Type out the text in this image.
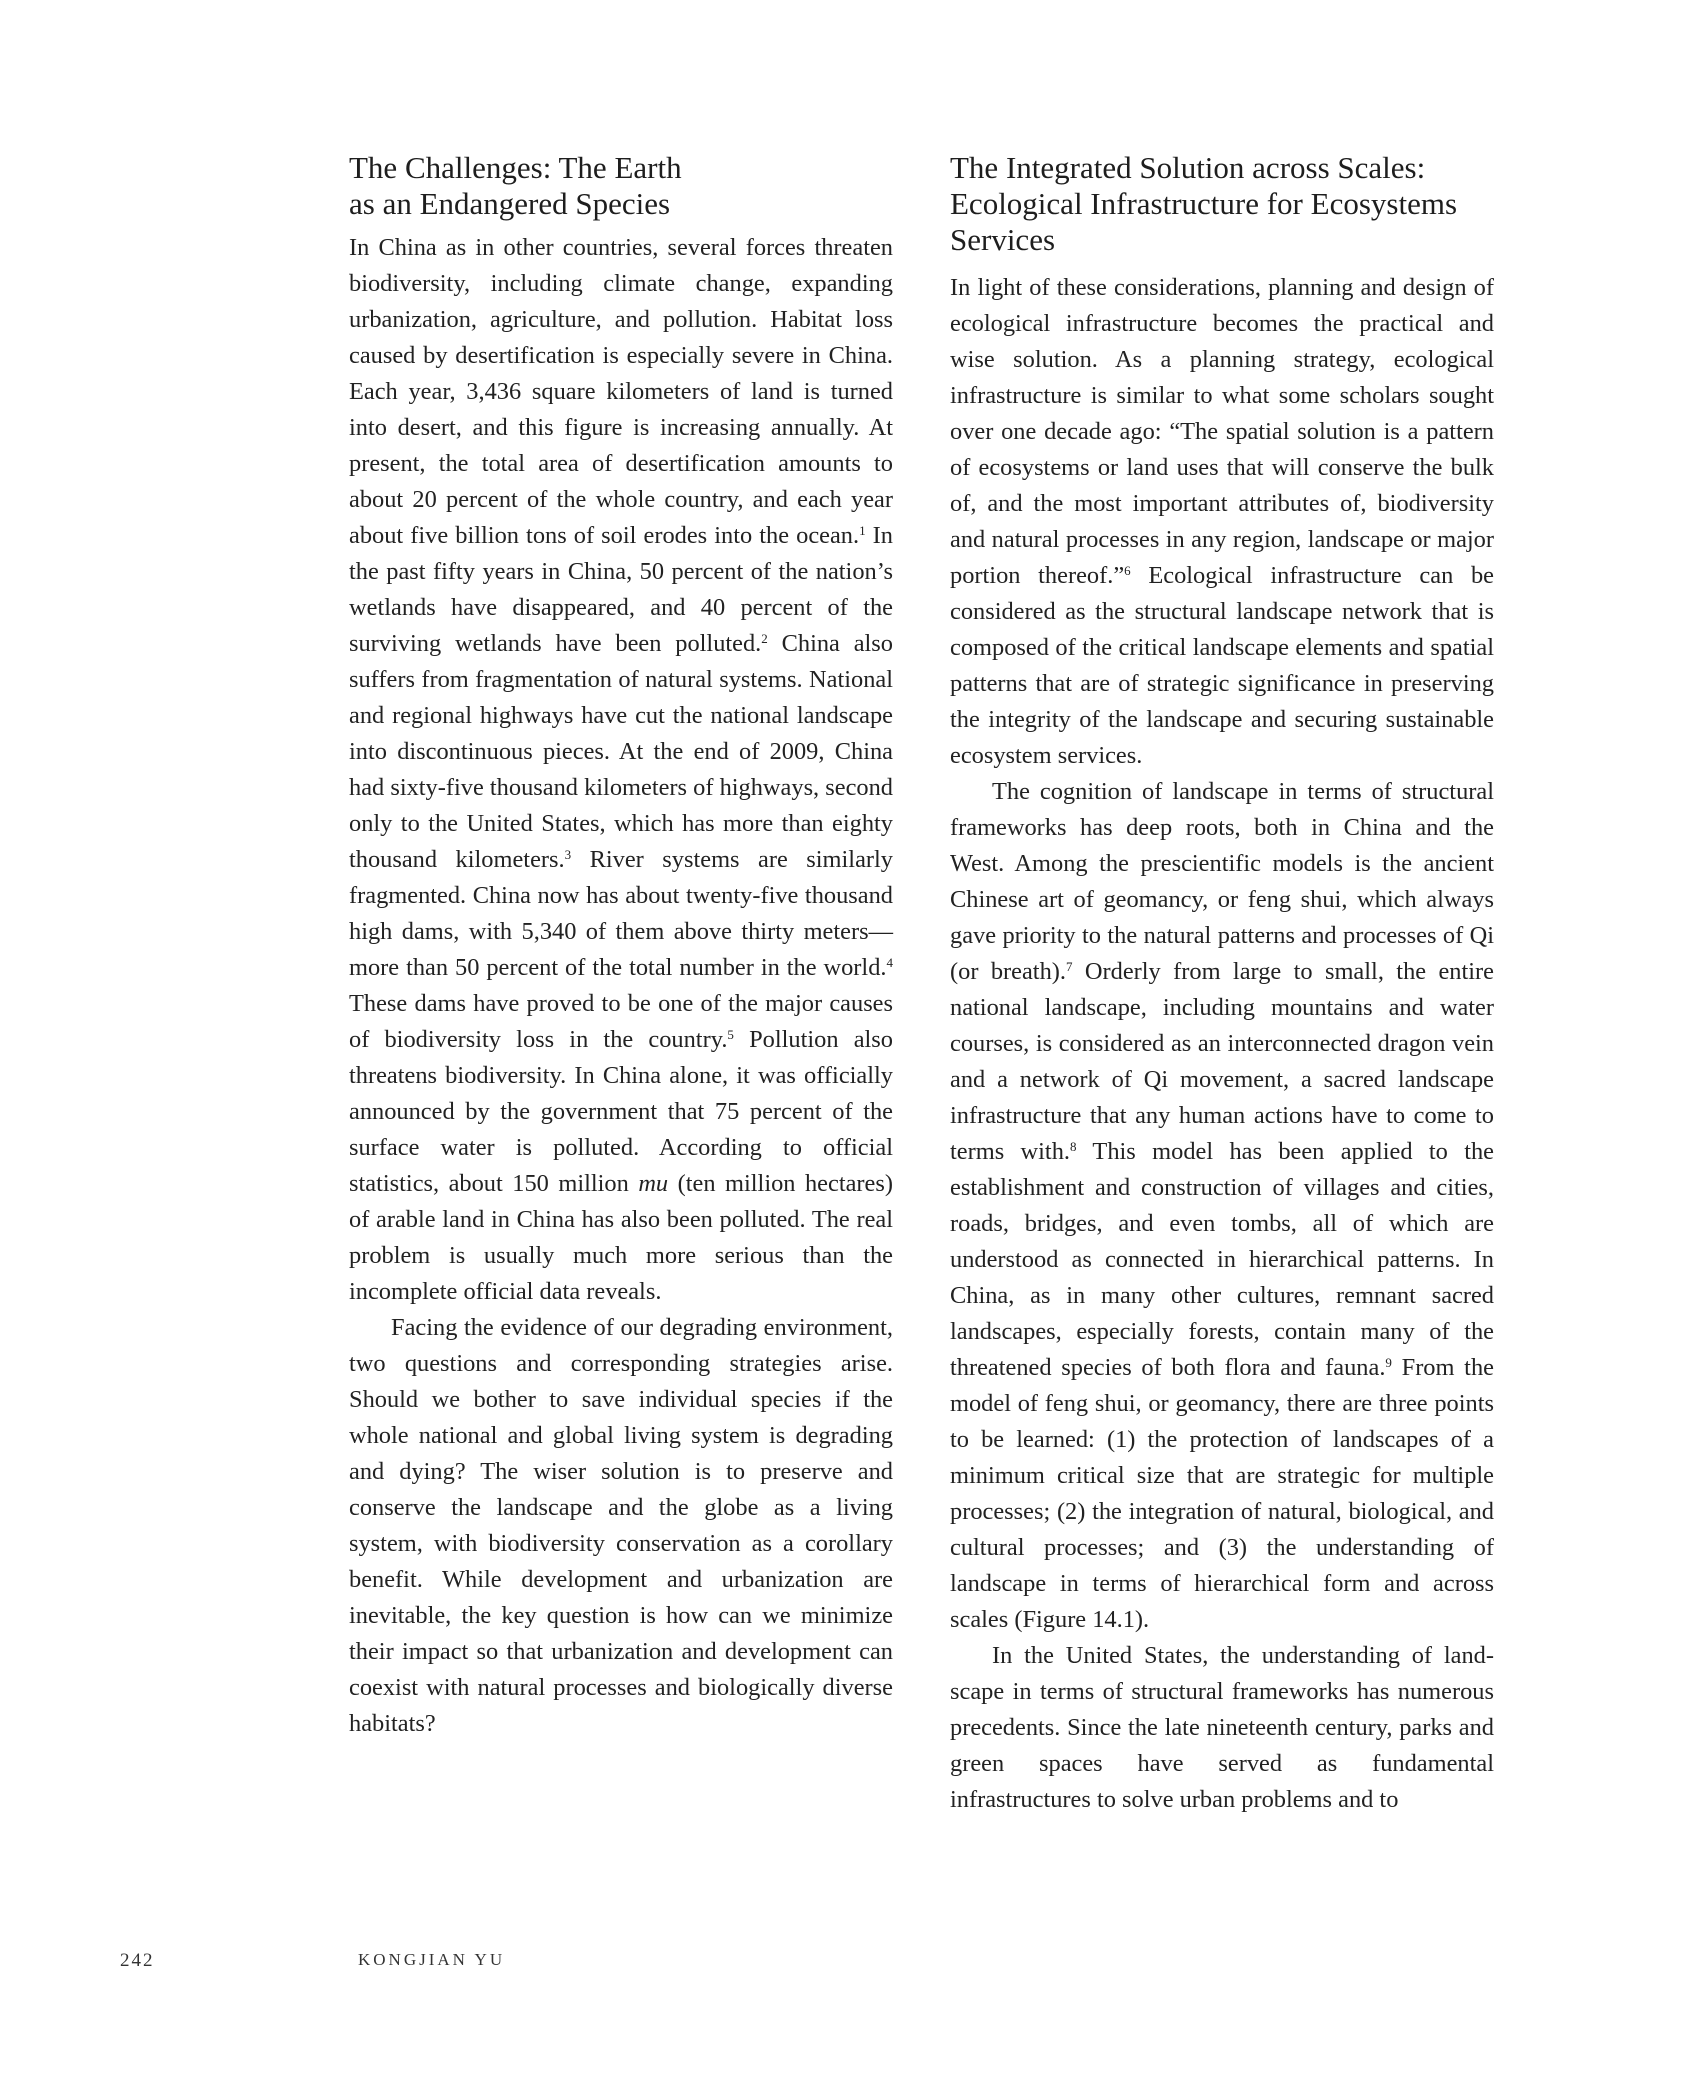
The Challenges: The Earth
as an Endangered Species

In China as in other countries, several forces threaten biodiversity, including climate change, expanding urbanization, agriculture, and pollution. Habitat loss caused by desertification is especially severe in China. Each year, 3,436 square kilometers of land is turned into desert, and this figure is increasing annually. At present, the total area of desertification amounts to about 20 percent of the whole country, and each year about five billion tons of soil erodes into the ocean.$^1$ In the past fifty years in China, 50 percent of the nation’s wetlands have disappeared, and 40 percent of the surviving wetlands have been polluted.$^2$ China also suffers from fragmentation of natural systems. National and regional highways have cut the national landscape into discontinuous pieces. At the end of 2009, China had sixty-five thousand kilometers of highways, second only to the United States, which has more than eighty thousand kilometers.$^3$ River systems are similarly fragmented. China now has about twenty-five thousand high dams, with 5,340 of them above thirty meters—more than 50 percent of the total number in the world.$^4$ These dams have proved to be one of the major causes of biodiversity loss in the country.$^5$ Pollution also threatens biodiversity. In China alone, it was officially announced by the government that 75 percent of the surface water is polluted. According to official statistics, about 150 million mu (ten million hectares) of arable land in China has also been polluted. The real problem is usually much more serious than the incomplete official data reveals.

Facing the evidence of our degrading environment, two questions and corresponding strategies arise. Should we bother to save individual species if the whole national and global living system is degrading and dying? The wiser solution is to preserve and conserve the landscape and the globe as a living system, with biodiversity conservation as a corollary benefit. While development and urbanization are inevitable, the key question is how can we minimize their impact so that urbanization and development can coexist with natural processes and biologically diverse habitats?

The Integrated Solution across Scales:
Ecological Infrastructure for Ecosystems
Services

In light of these considerations, planning and design of ecological infrastructure becomes the practical and wise solution. As a planning strategy, ecological infrastructure is similar to what some scholars sought over one decade ago: “The spatial solution is a pattern of ecosystems or land uses that will conserve the bulk of, and the most important attributes of, biodiversity and natural processes in any region, landscape or major portion thereof.”$^6$ Ecological infrastructure can be considered as the structural landscape network that is composed of the critical landscape elements and spatial patterns that are of strategic significance in preserving the integrity of the landscape and securing sustainable ecosystem services.

The cognition of landscape in terms of structural frameworks has deep roots, both in China and the West. Among the prescientific models is the ancient Chinese art of geomancy, or feng shui, which always gave priority to the natural patterns and processes of Qi (or breath).$^7$ Orderly from large to small, the entire national landscape, including mountains and water courses, is considered as an interconnected dragon vein and a network of Qi movement, a sacred landscape infrastructure that any human actions have to come to terms with.$^8$ This model has been applied to the establishment and construction of villages and cities, roads, bridges, and even tombs, all of which are understood as connected in hierarchical patterns. In China, as in many other cultures, remnant sacred landscapes, especially forests, contain many of the threatened species of both flora and fauna.$^9$ From the model of feng shui, or geomancy, there are three points to be learned: (1) the protection of landscapes of a minimum critical size that are strategic for multiple processes; (2) the integration of natural, biological, and cultural processes; and (3) the understanding of landscape in terms of hierarchical form and across scales (Figure 14.1).

In the United States, the understanding of landscape in terms of structural frameworks has numerous precedents. Since the late nineteenth century, parks and green spaces have served as fundamental infrastructures to solve urban problems and to

242	KONGJIAN YU
